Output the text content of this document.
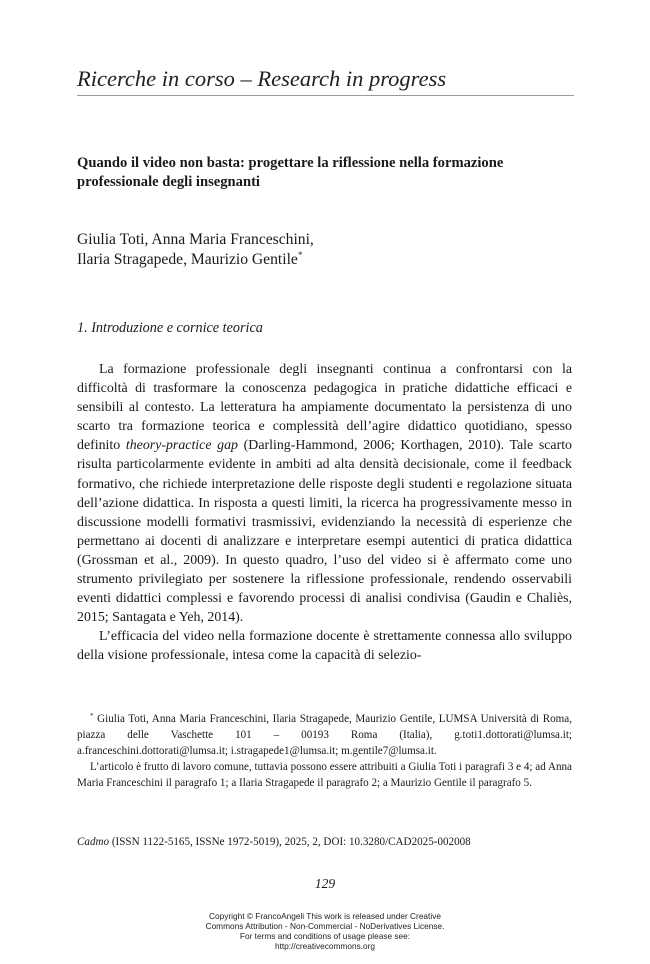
Ricerche in corso – Research in progress
Quando il video non basta: progettare la riflessione nella formazione professionale degli insegnanti
Giulia Toti, Anna Maria Franceschini,
Ilaria Stragapede, Maurizio Gentile*
1. Introduzione e cornice teorica

La formazione professionale degli insegnanti continua a confrontarsi con la difficoltà di trasformare la conoscenza pedagogica in pratiche didattiche efficaci e sensibili al contesto. La letteratura ha ampiamente documentato la persistenza di uno scarto tra formazione teorica e complessità dell’agire didattico quotidiano, spesso definito theory-practice gap (Darling-Hammond, 2006; Korthagen, 2010). Tale scarto risulta particolarmente evidente in ambiti ad alta densità decisionale, come il feedback formativo, che richiede interpretazione delle risposte degli studenti e regolazione situata dell’azione didattica. In risposta a questi limiti, la ricerca ha progressivamente messo in discussione modelli formativi trasmissivi, evidenziando la necessità di esperienze che permettano ai docenti di analizzare e interpretare esempi autentici di pratica didattica (Grossman et al., 2009). In questo quadro, l’uso del video si è affermato come uno strumento privilegiato per sostenere la riflessione professionale, rendendo osservabili eventi didattici complessi e favorendo processi di analisi condivisa (Gaudin e Chaliès, 2015; Santagata e Yeh, 2014).

L’efficacia del video nella formazione docente è strettamente connessa allo sviluppo della visione professionale, intesa come la capacità di selezio-

* Giulia Toti, Anna Maria Franceschini, Ilaria Stragapede, Maurizio Gentile, LUMSA Università di Roma, piazza delle Vaschette 101 – 00193 Roma (Italia), g.toti1.dottorati@lumsa.it; a.franceschini.dottorati@lumsa.it; i.stragapede1@lumsa.it; m.gentile7@lumsa.it.

L’articolo è frutto di lavoro comune, tuttavia possono essere attribuiti a Giulia Toti i paragrafi 3 e 4; ad Anna Maria Franceschini il paragrafo 1; a Ilaria Stragapede il paragrafo 2; a Maurizio Gentile il paragrafo 5.

Cadmo (ISSN 1122-5165, ISSNe 1972-5019), 2025, 2, DOI: 10.3280/CAD2025-002008
129
Copyright © FrancoAngeli This work is released under Creative
Commons Attribution - Non-Commercial - NoDerivatives License.
For terms and conditions of usage please see:
http://creativecommons.org
